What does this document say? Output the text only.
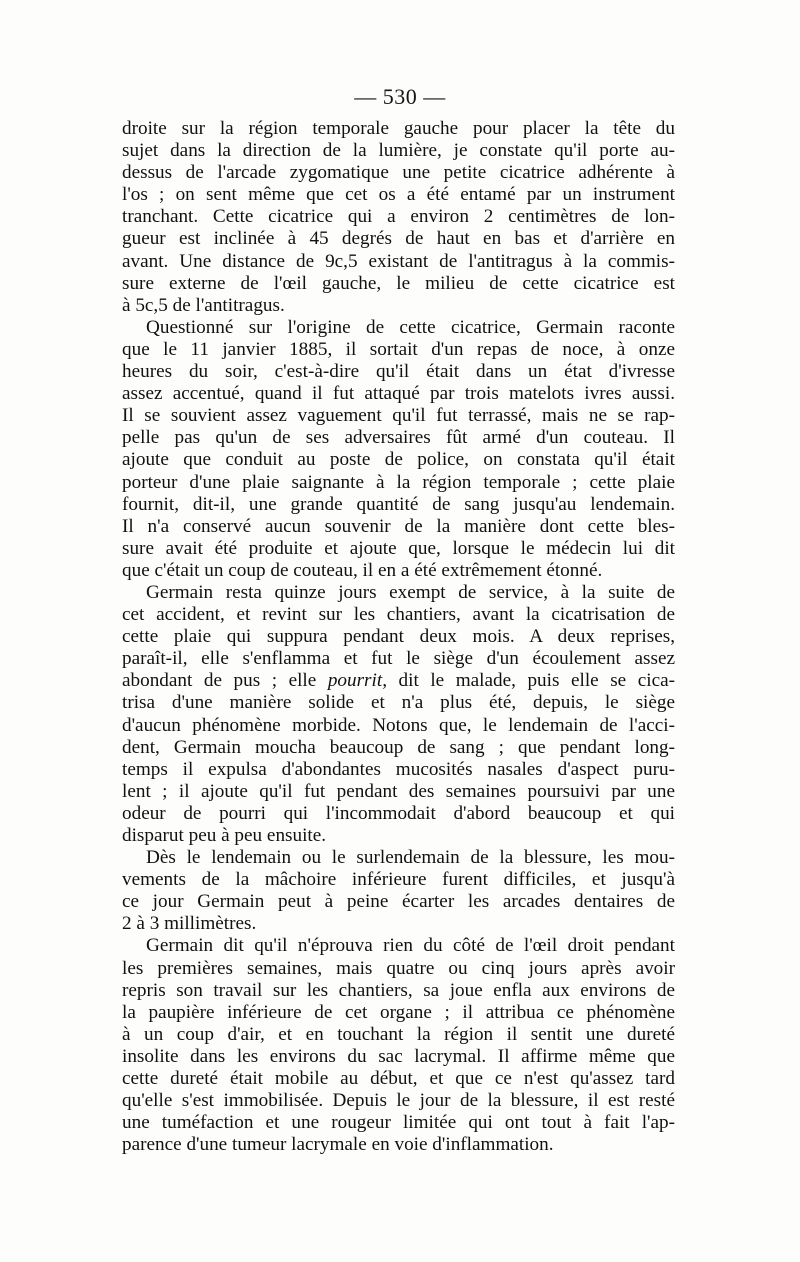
— 530 —
droite sur la région temporale gauche pour placer la tête du
sujet dans la direction de la lumière, je constate qu'il porte au-
dessus de l'arcade zygomatique une petite cicatrice adhérente à
l'os ; on sent même que cet os a été entamé par un instrument
tranchant. Cette cicatrice qui a environ 2 centimètres de lon-
gueur est inclinée à 45 degrés de haut en bas et d'arrière en
avant. Une distance de 9c,5 existant de l'antitragus à la commis-
sure externe de l'œil gauche, le milieu de cette cicatrice est
à 5c,5 de l'antitragus.
Questionné sur l'origine de cette cicatrice, Germain raconte
que le 11 janvier 1885, il sortait d'un repas de noce, à onze
heures du soir, c'est-à-dire qu'il était dans un état d'ivresse
assez accentué, quand il fut attaqué par trois matelots ivres aussi.
Il se souvient assez vaguement qu'il fut terrassé, mais ne se rap-
pelle pas qu'un de ses adversaires fût armé d'un couteau. Il
ajoute que conduit au poste de police, on constata qu'il était
porteur d'une plaie saignante à la région temporale ; cette plaie
fournit, dit-il, une grande quantité de sang jusqu'au lendemain.
Il n'a conservé aucun souvenir de la manière dont cette bles-
sure avait été produite et ajoute que, lorsque le médecin lui dit
que c'était un coup de couteau, il en a été extrêmement étonné.
Germain resta quinze jours exempt de service, à la suite de
cet accident, et revint sur les chantiers, avant la cicatrisation de
cette plaie qui suppura pendant deux mois. A deux reprises,
paraît-il, elle s'enflamma et fut le siège d'un écoulement assez
abondant de pus ; elle pourrit, dit le malade, puis elle se cica-
trisa d'une manière solide et n'a plus été, depuis, le siège
d'aucun phénomène morbide. Notons que, le lendemain de l'acci-
dent, Germain moucha beaucoup de sang ; que pendant long-
temps il expulsa d'abondantes mucosités nasales d'aspect puru-
lent ; il ajoute qu'il fut pendant des semaines poursuivi par une
odeur de pourri qui l'incommodait d'abord beaucoup et qui
disparut peu à peu ensuite.
Dès le lendemain ou le surlendemain de la blessure, les mou-
vements de la mâchoire inférieure furent difficiles, et jusqu'à
ce jour Germain peut à peine écarter les arcades dentaires de
2 à 3 millimètres.
Germain dit qu'il n'éprouva rien du côté de l'œil droit pendant
les premières semaines, mais quatre ou cinq jours après avoir
repris son travail sur les chantiers, sa joue enfla aux environs de
la paupière inférieure de cet organe ; il attribua ce phénomène
à un coup d'air, et en touchant la région il sentit une dureté
insolite dans les environs du sac lacrymal. Il affirme même que
cette dureté était mobile au début, et que ce n'est qu'assez tard
qu'elle s'est immobilisée. Depuis le jour de la blessure, il est resté
une tuméfaction et une rougeur limitée qui ont tout à fait l'ap-
parence d'une tumeur lacrymale en voie d'inflammation.
